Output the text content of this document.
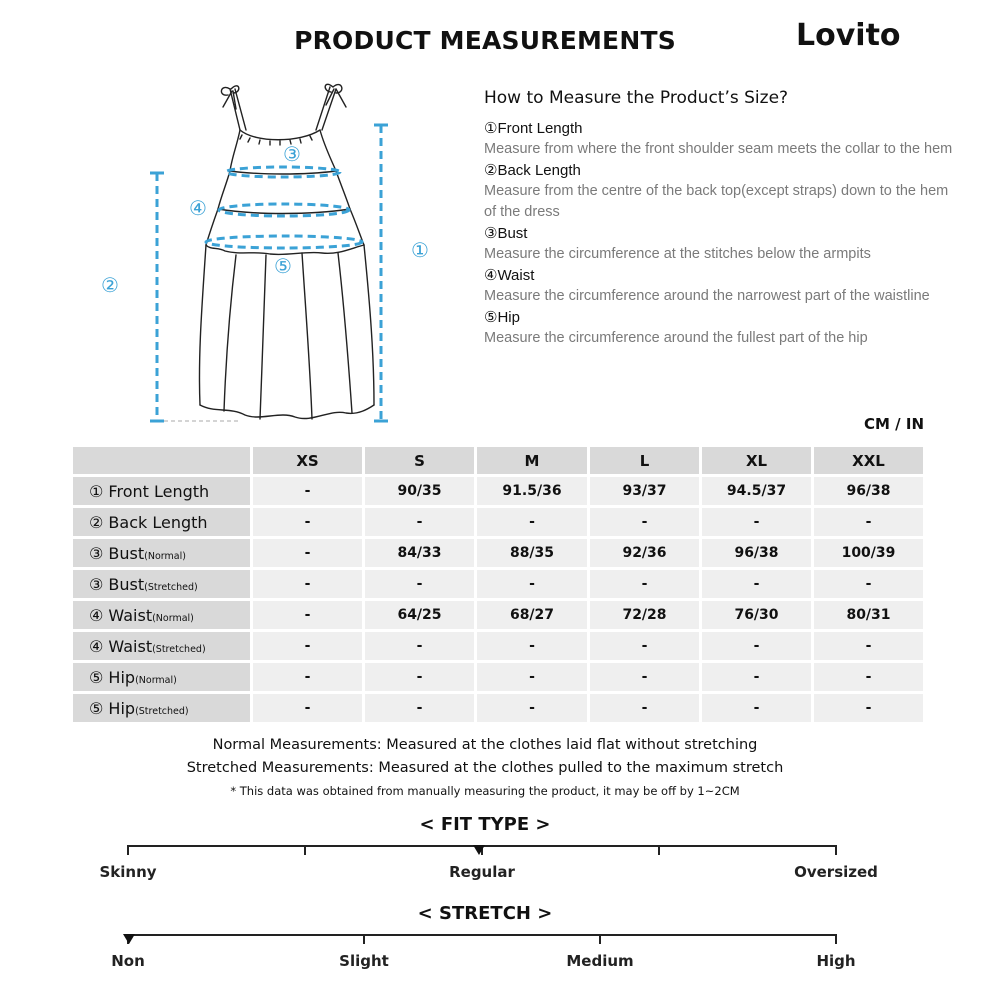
PRODUCT MEASUREMENTS	Lovito
①
②
③
④
⑤
How to Measure the Product’s Size?
①Front Length
Measure from where the front shoulder seam meets the collar to the hem
②Back Length
Measure from the centre of the back top(except straps) down to the hem of the dress
③Bust
Measure the circumference at the stitches below the armpits
④Waist
Measure the circumference around the narrowest part of the waistline
⑤Hip
Measure the circumference around the fullest part of the hip
CM / IN
	XS	S	M	L	XL	XXL
① Front Length	-	90/35	91.5/36	93/37	94.5/37	96/38
② Back Length	-	-	-	-	-	-
③ Bust(Normal)	-	84/33	88/35	92/36	96/38	100/39
③ Bust(Stretched)	-	-	-	-	-	-
④ Waist(Normal)	-	64/25	68/27	72/28	76/30	80/31
④ Waist(Stretched)	-	-	-	-	-	-
⑤ Hip(Normal)	-	-	-	-	-	-
⑤ Hip(Stretched)	-	-	-	-	-	-
Normal Measurements: Measured at the clothes laid flat without stretching
Stretched Measurements: Measured at the clothes pulled to the maximum stretch
* This data was obtained from manually measuring the product, it may be off by 1~2CM
< FIT TYPE >
Skinny	Regular	Oversized
< STRETCH >
Non	Slight	Medium	High
